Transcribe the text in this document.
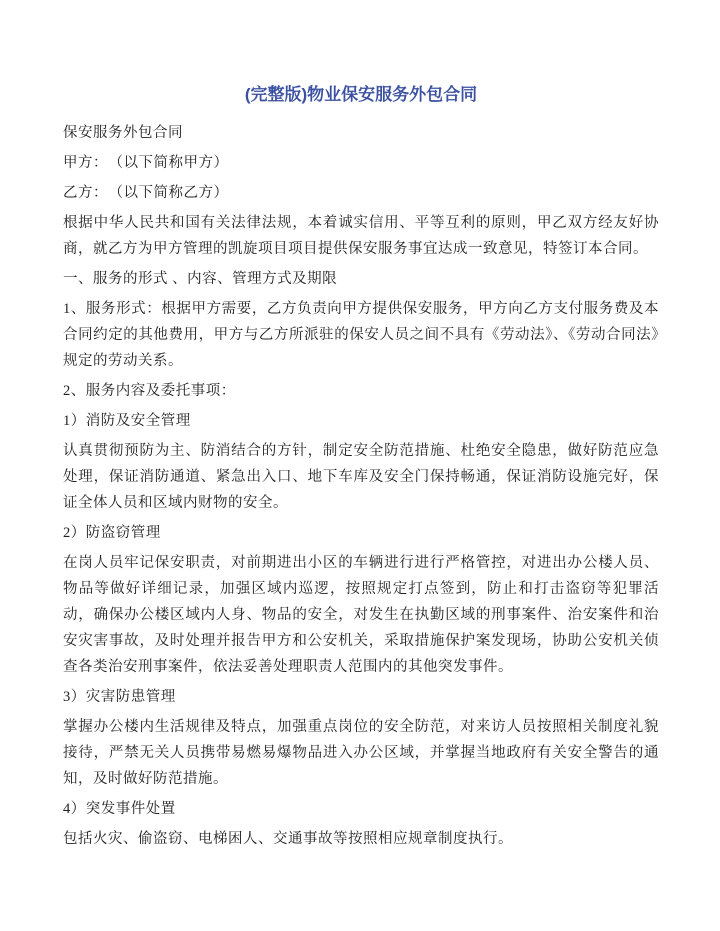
(完整版)物业保安服务外包合同

保安服务外包合同

甲方：　（以下简称甲方）

乙方：　（以下简称乙方）

根据中华人民共和国有关法律法规，本着诚实信用、平等互利的原则，甲乙双方经友好协商，就乙方为甲方管理的凯旋项目项目提供保安服务事宜达成一致意见，特签订本合同。

一、服务的形式 、内容、管理方式及期限

1、服务形式：根据甲方需要，乙方负责向甲方提供保安服务，甲方向乙方支付服务费及本合同约定的其他费用，甲方与乙方所派驻的保安人员之间不具有《劳动法》、《劳动合同法》规定的劳动关系。

2、服务内容及委托事项：

1）消防及安全管理

认真贯彻预防为主、防消结合的方针，制定安全防范措施、杜绝安全隐患，做好防范应急处理，保证消防通道、紧急出入口、地下车库及安全门保持畅通，保证消防设施完好，保证全体人员和区域内财物的安全。

2）防盗窃管理

在岗人员牢记保安职责，对前期进出小区的车辆进行进行严格管控，对进出办公楼人员、物品等做好详细记录，加强区域内巡逻，按照规定打点签到，防止和打击盗窃等犯罪活动，确保办公楼区域内人身、物品的安全，对发生在执勤区域的刑事案件、治安案件和治安灾害事故，及时处理并报告甲方和公安机关，采取措施保护案发现场，协助公安机关侦查各类治安刑事案件，依法妥善处理职责人范围内的其他突发事件。

3）灾害防患管理

掌握办公楼内生活规律及特点，加强重点岗位的安全防范，对来访人员按照相关制度礼貌接待，严禁无关人员携带易燃易爆物品进入办公区域，并掌握当地政府有关安全警告的通知，及时做好防范措施。

4）突发事件处置

包括火灾、偷盗窃、电梯困人、交通事故等按照相应规章制度执行。
